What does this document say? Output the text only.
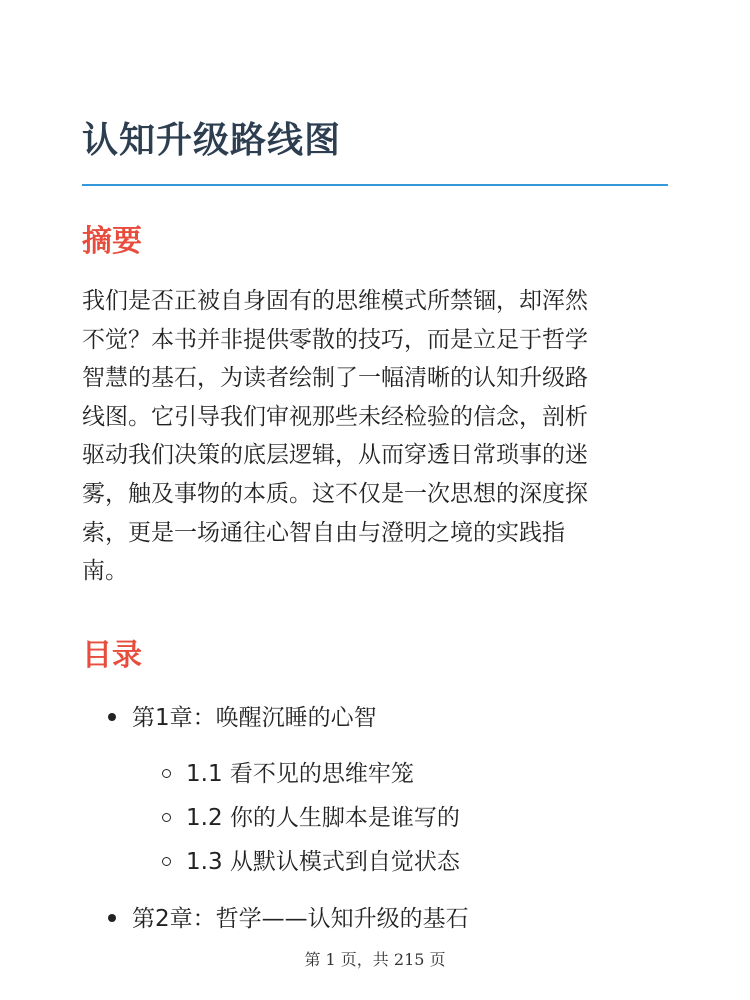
认知升级路线图
摘要

我们是否正被自身固有的思维模式所禁锢，却浑然
不觉？本书并非提供零散的技巧，而是立足于哲学
智慧的基石，为读者绘制了一幅清晰的认知升级路
线图。它引导我们审视那些未经检验的信念，剖析
驱动我们决策的底层逻辑，从而穿透日常琐事的迷
雾，触及事物的本质。这不仅是一次思想的深度探
索，更是一场通往心智自由与澄明之境的实践指
南。

目录
第1章：唤醒沉睡的心智
1.1 看不见的思维牢笼
1.2 你的人生脚本是谁写的
1.3 从默认模式到自觉状态
第2章：哲学——认知升级的基石
第 1 页，共 215 页
